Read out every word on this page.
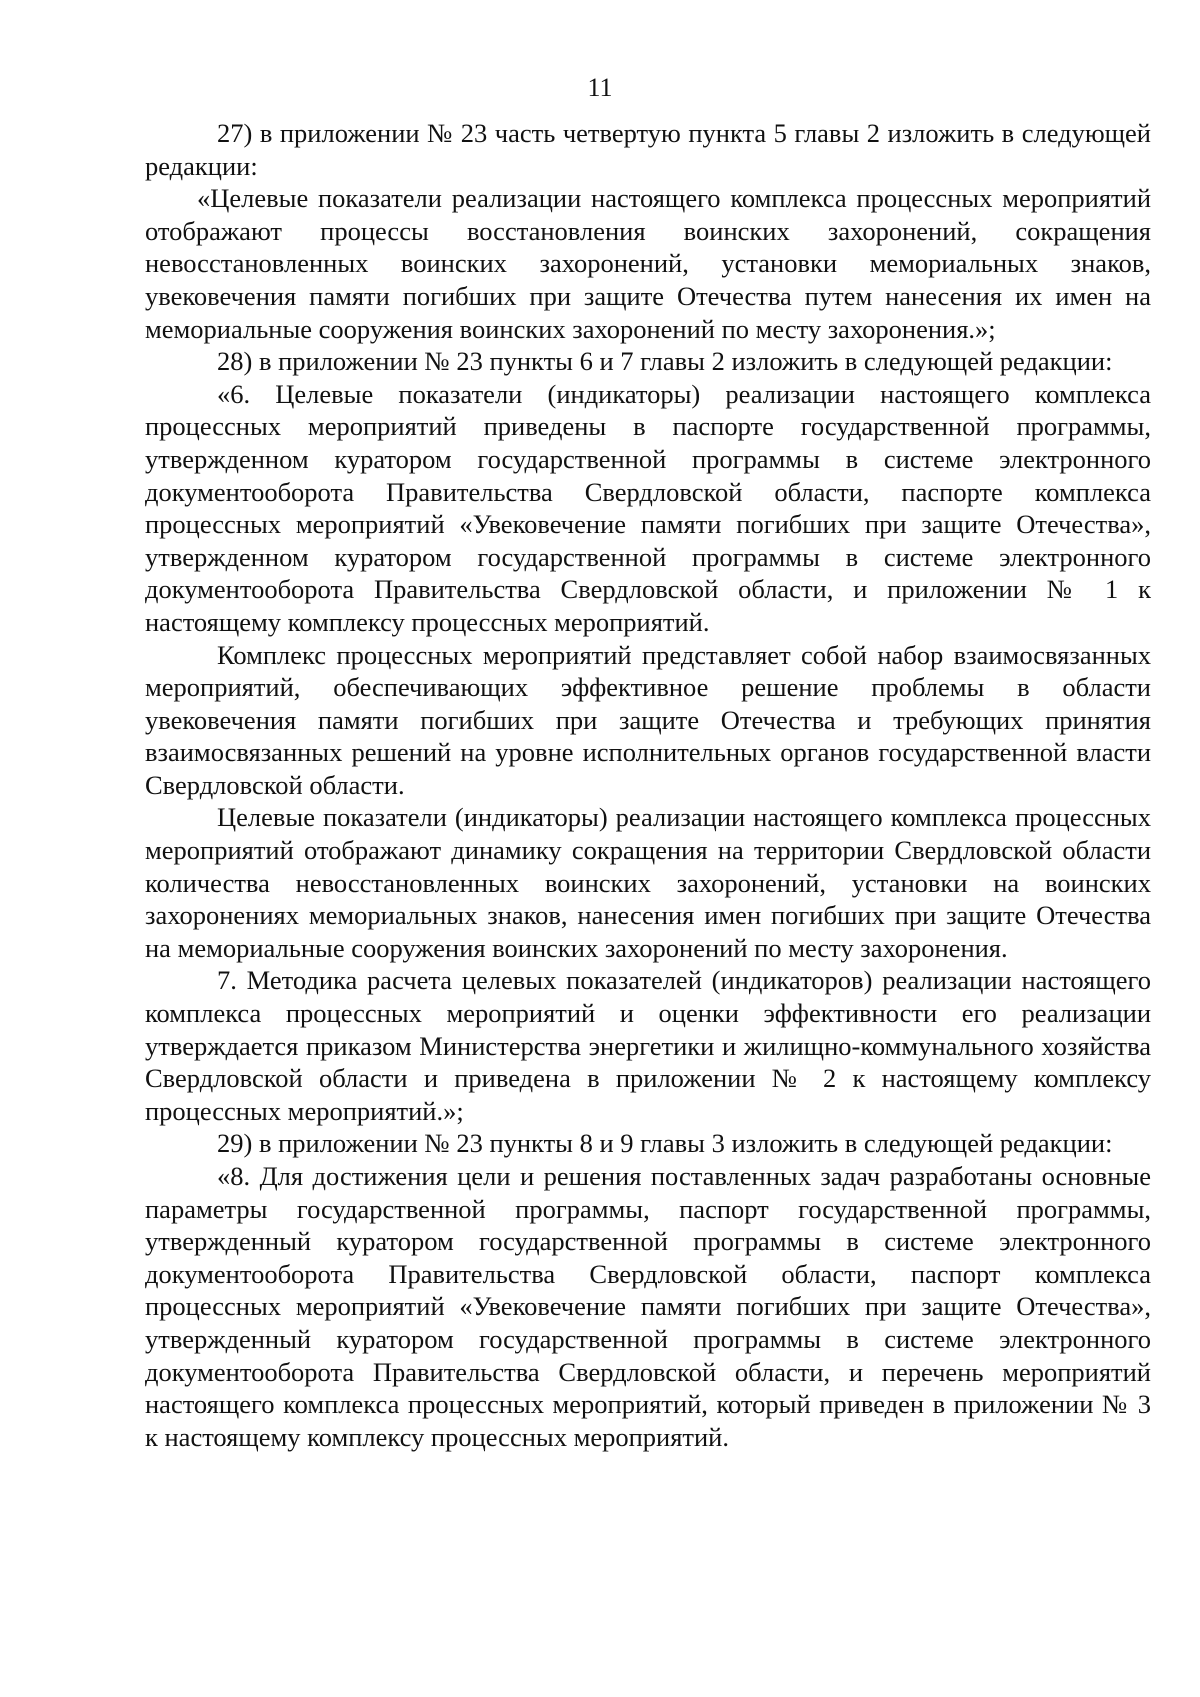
11

27) в приложении № 23 часть четвертую пункта 5 главы 2 изложить в следующей редакции:

«Целевые показатели реализации настоящего комплекса процессных мероприятий отображают процессы восстановления воинских захоронений, сокращения невосстановленных воинских захоронений, установки мемориальных знаков, увековечения памяти погибших при защите Отечества путем нанесения их имен на мемориальные сооружения воинских захоронений по месту захоронения.»;

28) в приложении № 23 пункты 6 и 7 главы 2 изложить в следующей редакции:

«6. Целевые показатели (индикаторы) реализации настоящего комплекса процессных мероприятий приведены в паспорте государственной программы, утвержденном куратором государственной программы в системе электронного документооборота Правительства Свердловской области, паспорте комплекса процессных мероприятий «Увековечение памяти погибших при защите Отечества», утвержденном куратором государственной программы в системе электронного документооборота Правительства Свердловской области, и приложении № 1 к настоящему комплексу процессных мероприятий.

Комплекс процессных мероприятий представляет собой набор взаимосвязанных мероприятий, обеспечивающих эффективное решение проблемы в области увековечения памяти погибших при защите Отечества и требующих принятия взаимосвязанных решений на уровне исполнительных органов государственной власти Свердловской области.

Целевые показатели (индикаторы) реализации настоящего комплекса процессных мероприятий отображают динамику сокращения на территории Свердловской области количества невосстановленных воинских захоронений, установки на воинских захоронениях мемориальных знаков, нанесения имен погибших при защите Отечества на мемориальные сооружения воинских захоронений по месту захоронения.

7. Методика расчета целевых показателей (индикаторов) реализации настоящего комплекса процессных мероприятий и оценки эффективности его реализации утверждается приказом Министерства энергетики и жилищно-коммунального хозяйства Свердловской области и приведена в приложении № 2 к настоящему комплексу процессных мероприятий.»;

29) в приложении № 23 пункты 8 и 9 главы 3 изложить в следующей редакции:

«8. Для достижения цели и решения поставленных задач разработаны основные параметры государственной программы, паспорт государственной программы, утвержденный куратором государственной программы в системе электронного документооборота Правительства Свердловской области, паспорт комплекса процессных мероприятий «Увековечение памяти погибших при защите Отечества», утвержденный куратором государственной программы в системе электронного документооборота Правительства Свердловской области, и перечень мероприятий настоящего комплекса процессных мероприятий, который приведен в приложении № 3 к настоящему комплексу процессных мероприятий.
